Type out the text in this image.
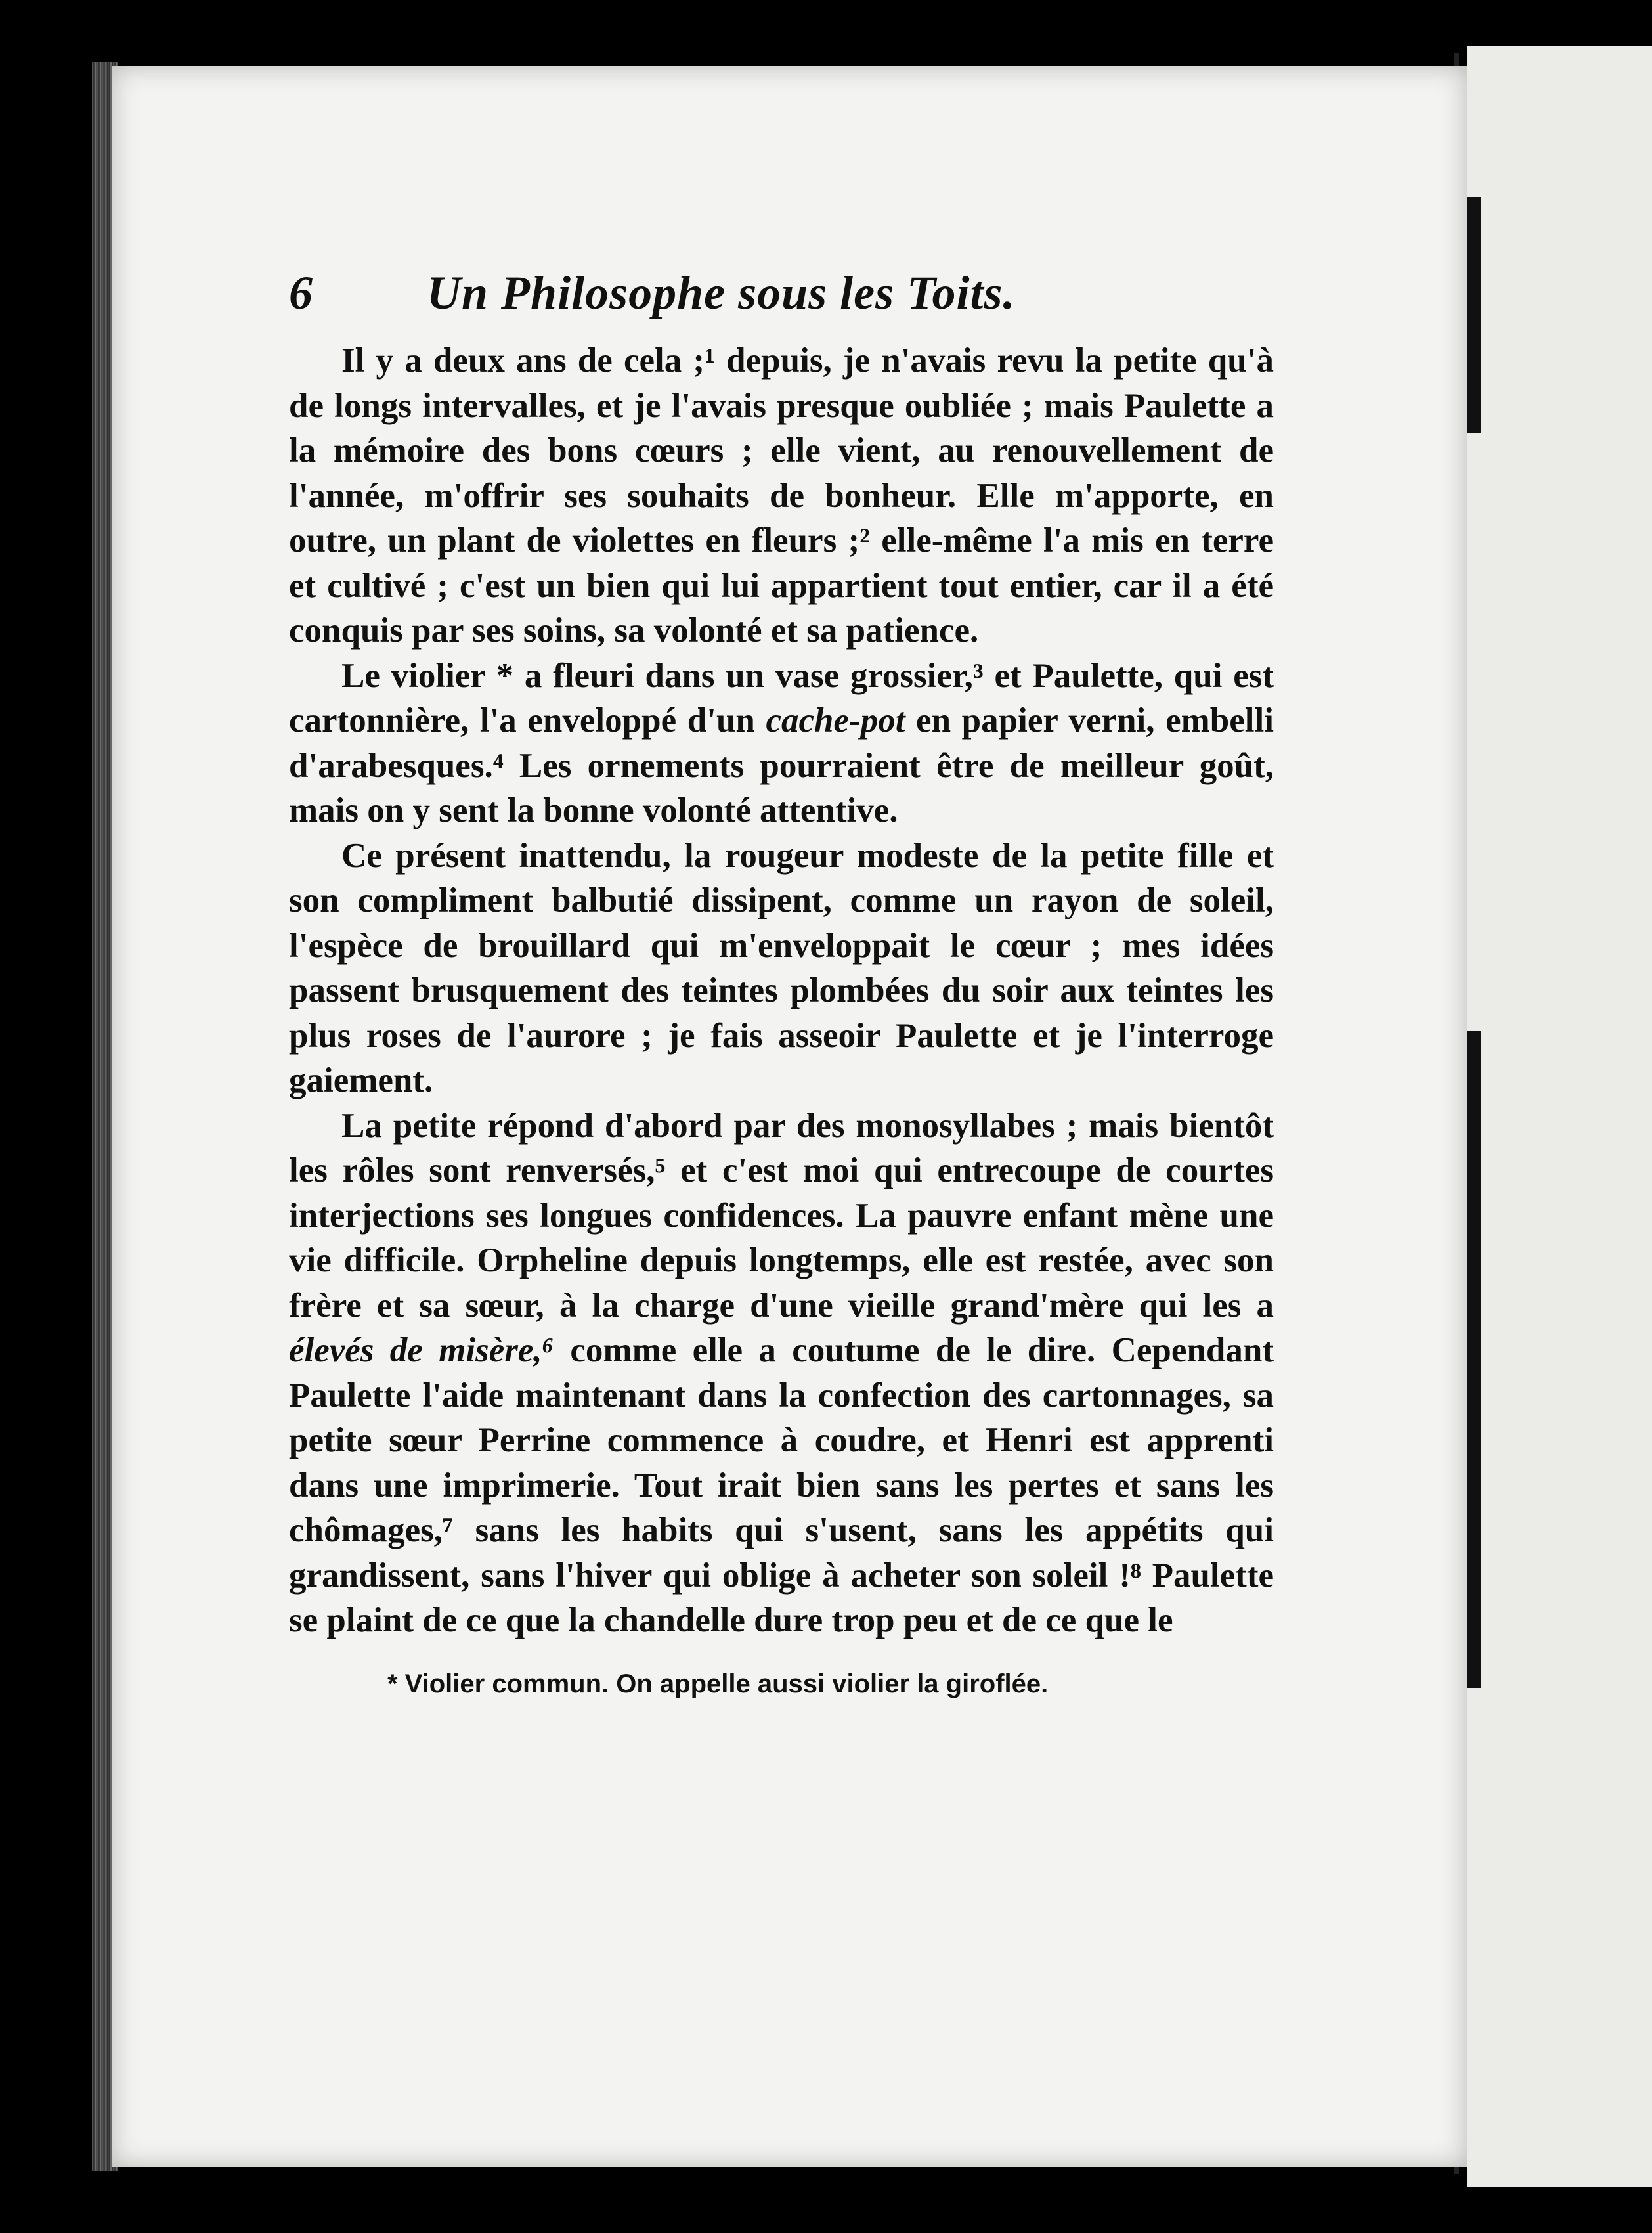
6	Un Philosophe sous les Toits.

Il y a deux ans de cela ;¹ depuis, je n'avais revu la petite qu'à de longs intervalles, et je l'avais presque oubliée ; mais Paulette a la mémoire des bons cœurs ; elle vient, au renouvellement de l'année, m'offrir ses souhaits de bonheur. Elle m'apporte, en outre, un plant de violettes en fleurs ;² elle-même l'a mis en terre et cultivé ; c'est un bien qui lui appartient tout entier, car il a été conquis par ses soins, sa volonté et sa patience.

Le violier * a fleuri dans un vase grossier,³ et Paulette, qui est cartonnière, l'a enveloppé d'un cache-pot en papier verni, embelli d'arabesques.⁴ Les ornements pourraient être de meilleur goût, mais on y sent la bonne volonté attentive.

Ce présent inattendu, la rougeur modeste de la petite fille et son compliment balbutié dissipent, comme un rayon de soleil, l'espèce de brouillard qui m'enveloppait le cœur ; mes idées passent brusquement des teintes plombées du soir aux teintes les plus roses de l'aurore ; je fais asseoir Paulette et je l'interroge gaiement.

La petite répond d'abord par des monosyllabes ; mais bientôt les rôles sont renversés,⁵ et c'est moi qui entrecoupe de courtes interjections ses longues confidences. La pauvre enfant mène une vie difficile. Orpheline depuis longtemps, elle est restée, avec son frère et sa sœur, à la charge d'une vieille grand'mère qui les a élevés de misère,⁶ comme elle a coutume de le dire. Cependant Paulette l'aide maintenant dans la confection des cartonnages, sa petite sœur Perrine commence à coudre, et Henri est apprenti dans une imprimerie. Tout irait bien sans les pertes et sans les chômages,⁷ sans les habits qui s'usent, sans les appétits qui grandissent, sans l'hiver qui oblige à acheter son soleil !⁸ Paulette se plaint de ce que la chandelle dure trop peu et de ce que le

* Violier commun. On appelle aussi violier la giroflée.
